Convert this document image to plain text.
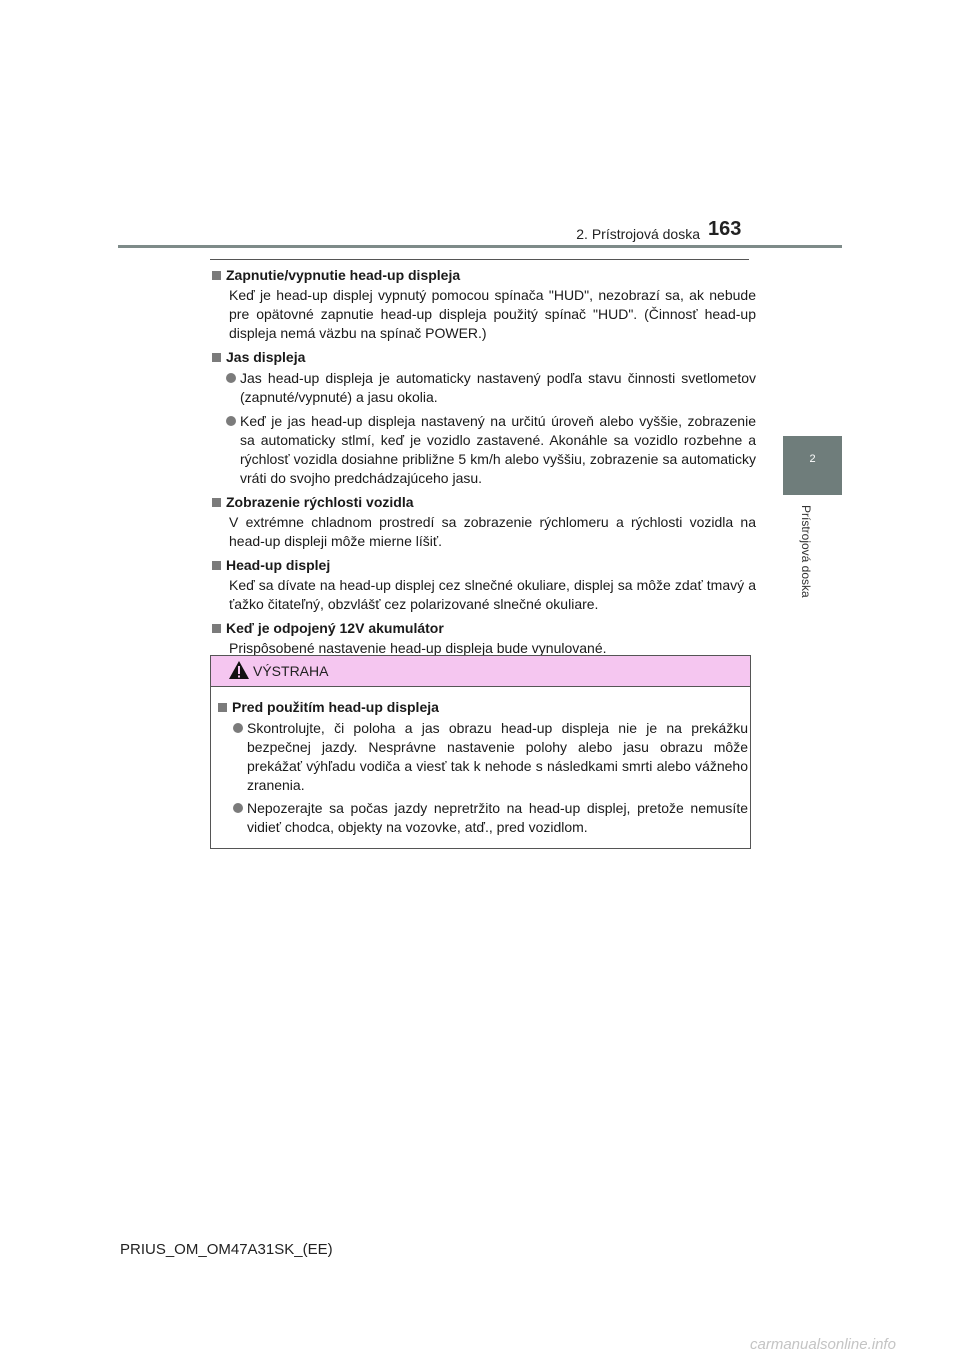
2. Prístrojová doska 163
2
Prístrojová doska
Zapnutie/vypnutie head-up displeja
Keď je head-up displej vypnutý pomocou spínača "HUD", nezobrazí sa, ak nebude pre opätovné zapnutie head-up displeja použitý spínač "HUD". (Činnosť head-up displeja nemá väzbu na spínač POWER.)
Jas displeja
Jas head-up displeja je automaticky nastavený podľa stavu činnosti svetlometov (zapnuté/vypnuté) a jasu okolia.
Keď je jas head-up displeja nastavený na určitú úroveň alebo vyššie, zobrazenie sa automaticky stlmí, keď je vozidlo zastavené. Akonáhle sa vozidlo rozbehne a rýchlosť vozidla dosiahne približne 5 km/h alebo vyššiu, zobrazenie sa automaticky vráti do svojho predchádzajúceho jasu.
Zobrazenie rýchlosti vozidla
V extrémne chladnom prostredí sa zobrazenie rýchlomeru a rýchlosti vozidla na head-up displeji môže mierne líšiť.
Head-up displej
Keď sa dívate na head-up displej cez slnečné okuliare, displej sa môže zdať tmavý a ťažko čitateľný, obzvlášť cez polarizované slnečné okuliare.
Keď je odpojený 12V akumulátor
Prispôsobené nastavenie head-up displeja bude vynulované.
VÝSTRAHA
Pred použitím head-up displeja
Skontrolujte, či poloha a jas obrazu head-up displeja nie je na prekážku bezpečnej jazdy. Nesprávne nastavenie polohy alebo jasu obrazu môže prekážať výhľadu vodiča a viesť tak k nehode s následkami smrti alebo vážneho zranenia.
Nepozerajte sa počas jazdy nepretržito na head-up displej, pretože nemusíte vidieť chodca, objekty na vozovke, atď., pred vozidlom.
PRIUS_OM_OM47A31SK_(EE)
carmanualsonline.info
